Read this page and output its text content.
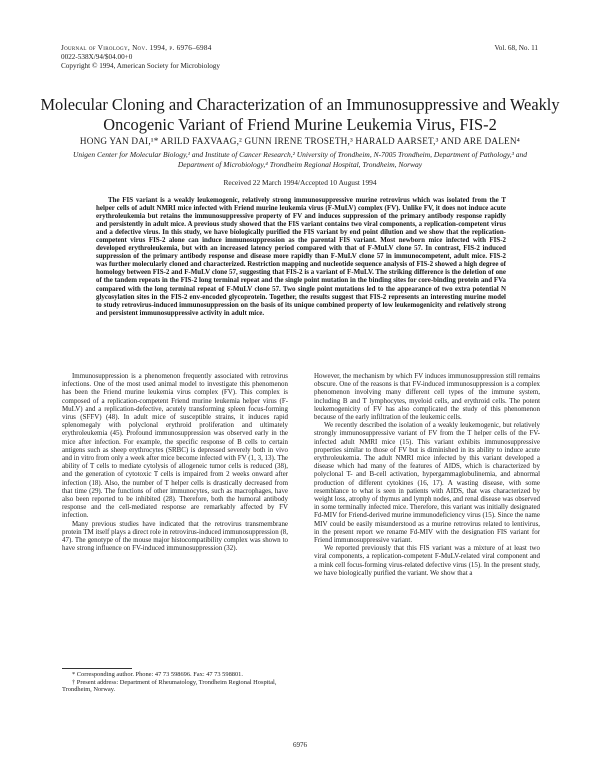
Journal of Virology, Nov. 1994, p. 6976–6984
0022-538X/94/$04.00+0
Copyright © 1994, American Society for Microbiology
Vol. 68, No. 11
Molecular Cloning and Characterization of an Immunosuppressive and Weakly Oncogenic Variant of Friend Murine Leukemia Virus, FIS-2
HONG YAN DAI,¹* ARILD FAXVAAG,² GUNN IRENE TROSETH,³ HARALD AARSET,³ AND ARE DALEN⁴
Unigen Center for Molecular Biology,¹ and Institute of Cancer Research,² University of Trondheim, N-7005 Trondheim, Department of Pathology,³ and Department of Microbiology,⁴ Trondheim Regional Hospital, Trondheim, Norway
Received 22 March 1994/Accepted 10 August 1994

The FIS variant is a weakly leukemogenic, relatively strong immunosuppressive murine retrovirus which was isolated from the T helper cells of adult NMRI mice infected with Friend murine leukemia virus (F-MuLV) complex (FV). Unlike FV, it does not induce acute erythroleukemia but retains the immunosuppressive property of FV and induces suppression of the primary antibody response rapidly and persistently in adult mice. A previous study showed that the FIS variant contains two viral components, a replication-competent virus and a defective virus. In this study, we have biologically purified the FIS variant by end point dilution and we show that the replication-competent virus FIS-2 alone can induce immunosuppression as the parental FIS variant. Most newborn mice infected with FIS-2 developed erythroleukemia, but with an increased latency period compared with that of F-MuLV clone 57. In contrast, FIS-2 induced suppression of the primary antibody response and disease more rapidly than F-MuLV clone 57 in immunocompetent, adult mice. FIS-2 was further molecularly cloned and characterized. Restriction mapping and nucleotide sequence analysis of FIS-2 showed a high degree of homology between FIS-2 and F-MuLV clone 57, suggesting that FIS-2 is a variant of F-MuLV. The striking difference is the deletion of one of the tandem repeats in the FIS-2 long terminal repeat and the single point mutation in the binding sites for core-binding protein and FVa compared with the long terminal repeat of F-MuLV clone 57. Two single point mutations led to the appearance of two extra potential N glycosylation sites in the FIS-2 env-encoded glycoprotein. Together, the results suggest that FIS-2 represents an interesting murine model to study retrovirus-induced immunosuppression on the basis of its unique combined property of low leukemogenicity and relatively strong and persistent immunosuppressive activity in adult mice.

Immunosuppression is a phenomenon frequently associated with retrovirus infections. One of the most used animal model to investigate this phenomenon has been the Friend murine leukemia virus complex (FV). This complex is composed of a replication-competent Friend murine leukemia helper virus (F-MuLV) and a replication-defective, acutely transforming spleen focus-forming virus (SFFV) (48). In adult mice of susceptible strains, it induces rapid splenomegaly with polyclonal erythroid proliferation and ultimately erythroleukemia (45). Profound immunosuppression was observed early in the mice after infection. For example, the specific response of B cells to certain antigens such as sheep erythrocytes (SRBC) is depressed severely both in vivo and in vitro from only a week after mice become infected with FV (1, 3, 13). The ability of T cells to mediate cytolysis of allogeneic tumor cells is reduced (38), and the generation of cytotoxic T cells is impaired from 2 weeks onward after infection (18). Also, the number of T helper cells is drastically decreased from that time (29). The functions of other immunocytes, such as macrophages, have also been reported to be inhibited (28). Therefore, both the humoral antibody response and the cell-mediated response are remarkably affected by FV infection.

Many previous studies have indicated that the retrovirus transmembrane protein TM itself plays a direct role in retrovirus-induced immunosuppression (8, 47). The genotype of the mouse major histocompatibility complex was shown to have strong influence on FV-induced immunosuppression (32).

* Corresponding author. Phone: 47 73 598696. Fax: 47 73 598801.
† Present address: Department of Rheumatology, Trondheim Regional Hospital, Trondheim, Norway.

However, the mechanism by which FV induces immunosuppression still remains obscure. One of the reasons is that FV-induced immunosuppression is a complex phenomenon involving many different cell types of the immune system, including B and T lymphocytes, myeloid cells, and erythroid cells. The potent leukemogenicity of FV has also complicated the study of this phenomenon because of the early infiltration of the leukemic cells.

We recently described the isolation of a weakly leukemogenic, but relatively strongly immunosuppressive variant of FV from the T helper cells of the FV-infected adult NMRI mice (15). This variant exhibits immunosuppressive properties similar to those of FV but is diminished in its ability to induce acute erythroleukemia. The adult NMRI mice infected by this variant developed a disease which had many of the features of AIDS, which is characterized by polyclonal T- and B-cell activation, hypergammaglobulinemia, and abnormal production of different cytokines (16, 17). A wasting disease, with some resemblance to what is seen in patients with AIDS, that was characterized by weight loss, atrophy of thymus and lymph nodes, and renal disease was observed in some terminally infected mice. Therefore, this variant was initially designated Fd-MIV for Friend-derived murine immunodeficiency virus (15). Since the name MIV could be easily misunderstood as a murine retrovirus related to lentivirus, in the present report we rename Fd-MIV with the designation FIS variant for Friend immunosuppressive variant.

We reported previously that this FIS variant was a mixture of at least two viral components, a replication-competent F-MuLV-related viral component and a mink cell focus-forming virus-related defective virus (15). In the present study, we have biologically purified the variant. We show that a

6976
